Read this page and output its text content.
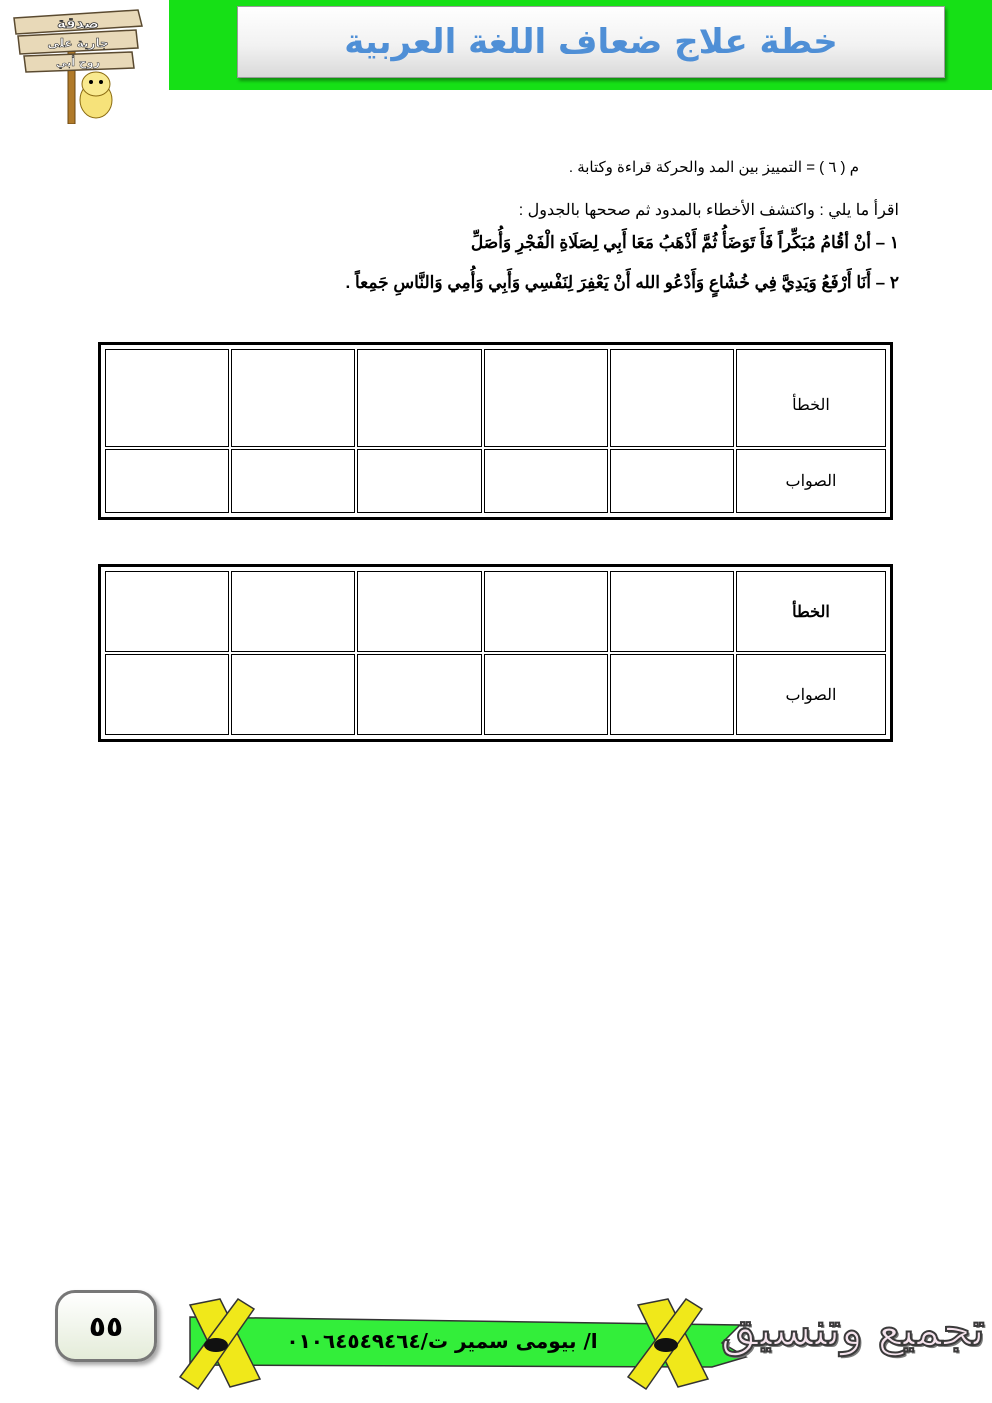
خطة علاج ضعاف اللغة العربية
صدقة
جارية على
روح أبي
م ( ٦ ) = التمييز بين المد والحركة قراءة وكتابة .
اقرأ ما يلي : واكتشف الأخطاء بالمدود ثم صححها بالجدول :
١ – أنْ أقُامُ مُبَكِّراً فَأَ تَوَضَأُ ثُمَّ أَذْهَبُ مَعَا أَبِي لِصَلَاةِ الْفَجْرِ وَأُصَلِّ
٢ – أَنَا أَرْفَعُ وَيَدِيَّ فِي خُشُاعٍ وَأَدْعُو الله أَنْ يَعْفِرَ لِنَفْسِي وَأَبِي وَأُمِي وَالنَّاسِ جَمِعاً .
الخطأ					
الصواب					
الخطأ					
الصواب					
٥٥	ا/ بيومى سمير ت/٠١٠٦٤٥٤٩٤٦٤	تجميع وتنسيق
